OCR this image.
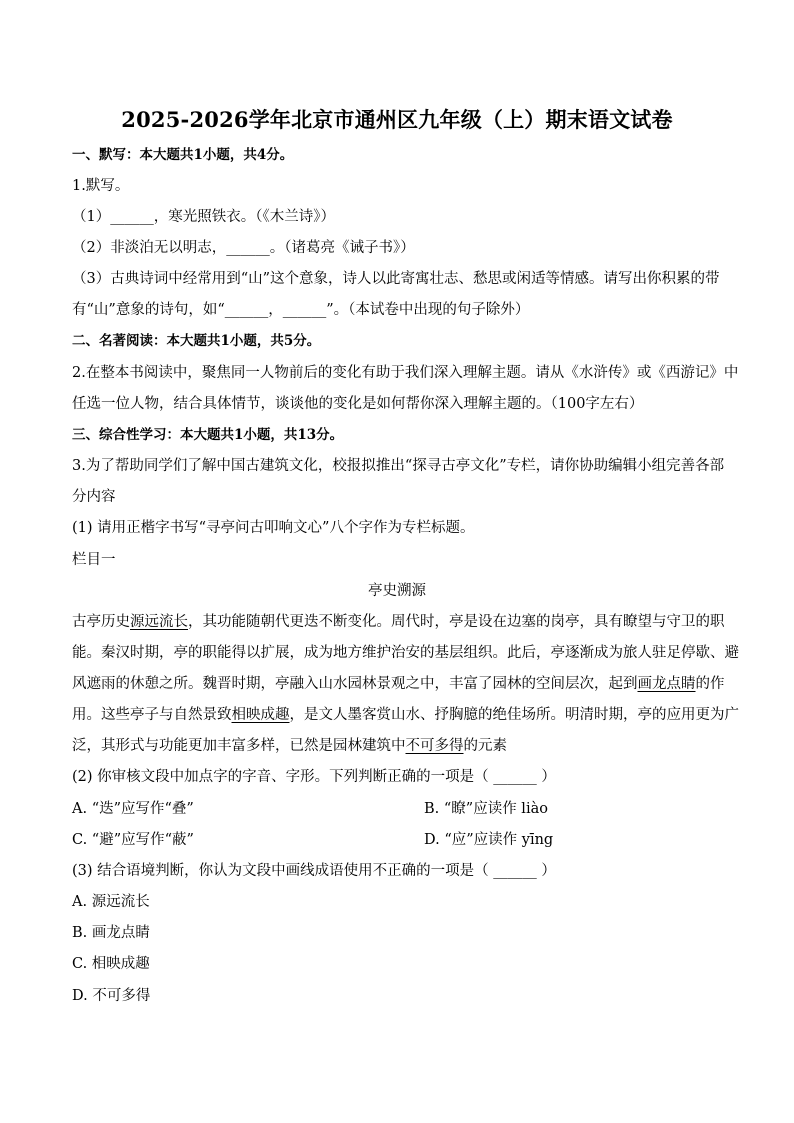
2025-2026学年北京市通州区九年级（上）期末语文试卷
一、默写：本大题共1小题，共4分。
1.默写。
（1）______，寒光照铁衣。（《木兰诗》）
（2）非淡泊无以明志，______。（诸葛亮《诫子书》）
（3）古典诗词中经常用到“山”这个意象，诗人以此寄寓壮志、愁思或闲适等情感。请写出你积累的带
有“山”意象的诗句，如“______，______”。（本试卷中出现的句子除外）
二、名著阅读：本大题共1小题，共5分。
2.在整本书阅读中，聚焦同一人物前后的变化有助于我们深入理解主题。请从《水浒传》或《西游记》中
任选一位人物，结合具体情节，谈谈他的变化是如何帮你深入理解主题的。（100字左右）
三、综合性学习：本大题共1小题，共13分。
3.为了帮助同学们了解中国古建筑文化，校报拟推出“探寻古亭文化”专栏，请你协助编辑小组完善各部
分内容
(1) 请用正楷字书写“寻亭问古叩响文心”八个字作为专栏标题。
栏目一
亭史溯源
古亭历史源远流长，其功能随朝代更迭不断变化。周代时，亭是设在边塞的岗亭，具有瞭望与守卫的职
能。秦汉时期，亭的职能得以扩展，成为地方维护治安的基层组织。此后，亭逐渐成为旅人驻足停歇、避
风遮雨的休憩之所。魏晋时期，亭融入山水园林景观之中，丰富了园林的空间层次，起到画龙点睛的作
用。这些亭子与自然景致相映成趣，是文人墨客赏山水、抒胸臆的绝佳场所。明清时期，亭的应用更为广
泛，其形式与功能更加丰富多样，已然是园林建筑中不可多得的元素
(2) 你审核文段中加点字的字音、字形。下列判断正确的一项是（ ______ ）
A. “迭”应写作“叠”	B. “瞭”应读作 liào
C. “避”应写作“蔽”	D. “应”应读作 yīng
(3) 结合语境判断，你认为文段中画线成语使用不正确的一项是（ ______ ）
A. 源远流长
B. 画龙点睛
C. 相映成趣
D. 不可多得
